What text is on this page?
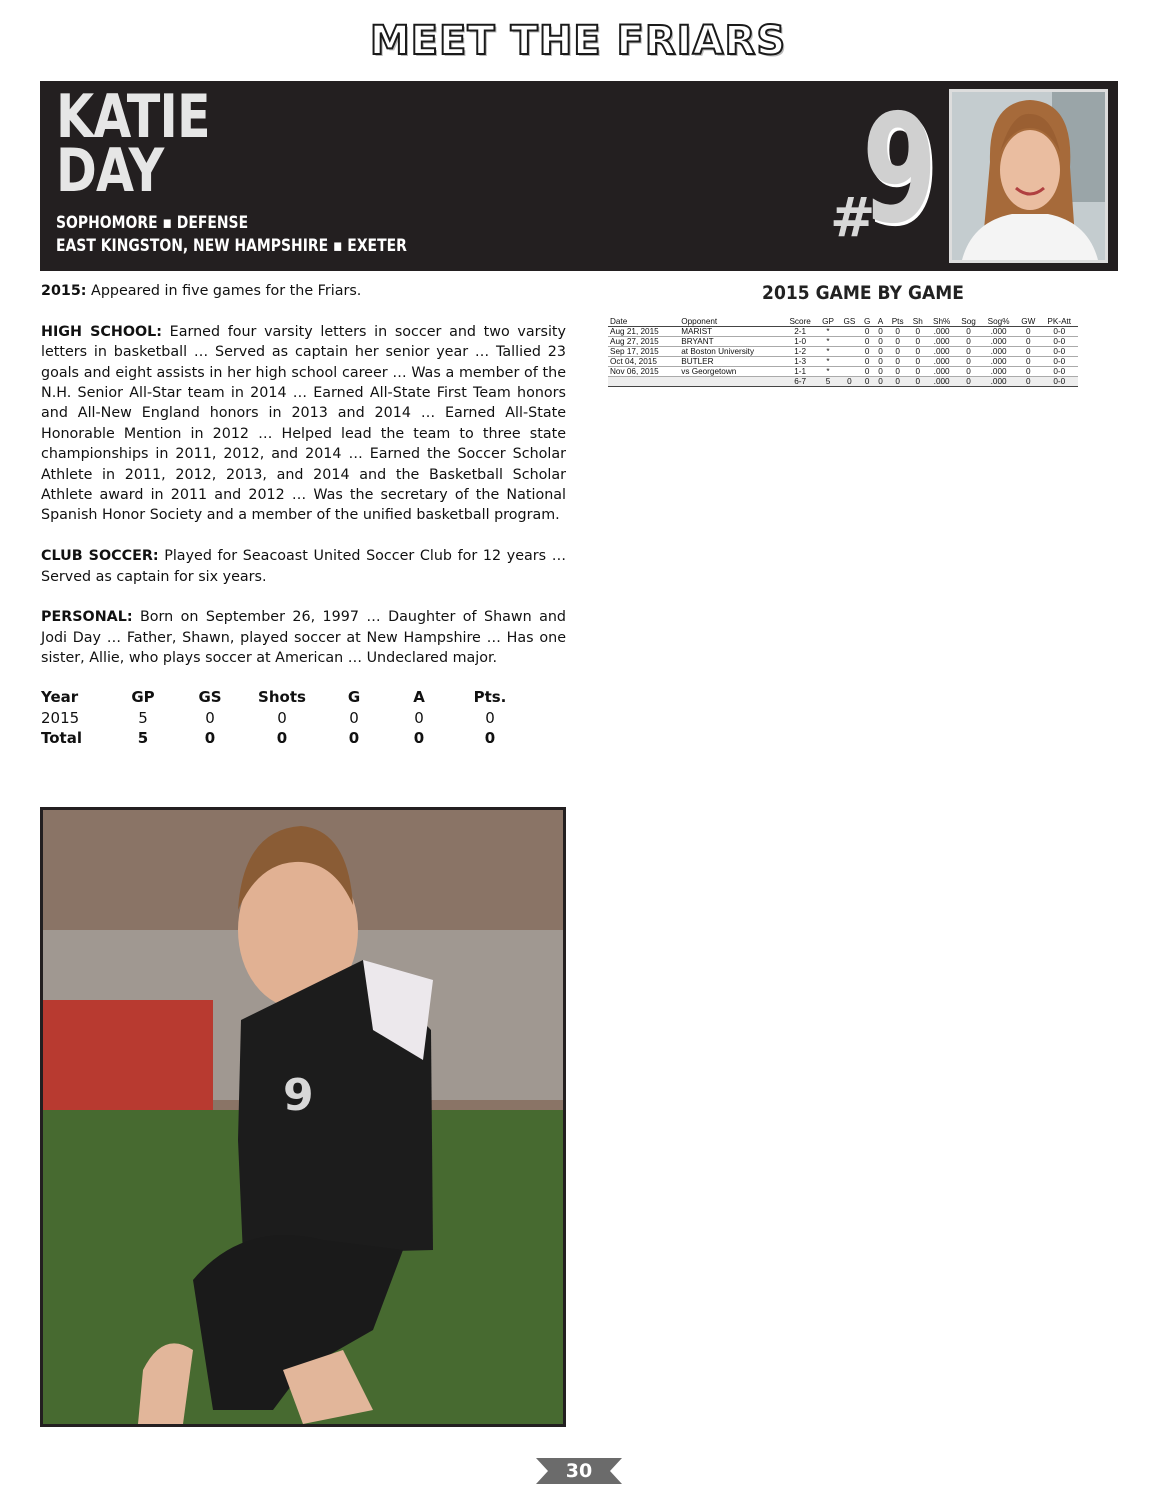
MEET THE FRIARS
KATIE
DAY
SOPHOMORE ▪ DEFENSE
EAST KINGSTON, NEW HAMPSHIRE ▪ EXETER	#
9

2015: Appeared in five games for the Friars.

HIGH SCHOOL: Earned four varsity letters in soccer and two varsity letters in basketball … Served as captain her senior year … Tallied 23 goals and eight assists in her high school career … Was a member of the N.H. Senior All-Star team in 2014 … Earned All-State First Team honors and All-New England honors in 2013 and 2014 … Earned All-State Honorable Mention in 2012 … Helped lead the team to three state championships in 2011, 2012, and 2014 … Earned the Soccer Scholar Athlete in 2011, 2012, 2013, and 2014 and the Basketball Scholar Athlete award in 2011 and 2012 … Was the secretary of the National Spanish Honor Society and a member of the unified basketball program.

CLUB SOCCER: Played for Seacoast United Soccer Club for 12 years … Served as captain for six years.

PERSONAL: Born on September 26, 1997 … Daughter of Shawn and Jodi Day … Father, Shawn, played soccer at New Hampshire … Has one sister, Allie, who plays soccer at American … Undeclared major.

Year	GP	GS	Shots	G	A	Pts.
2015	5	0	0	0	0	0
Total	5	0	0	0	0	0
2015 GAME BY GAME
Date	Opponent	Score	GP	GS	G	A	Pts	Sh	Sh%	Sog	Sog%	GW	PK-Att
Aug 21, 2015	MARIST	2-1	*		0	0	0	0	.000	0	.000	0	0-0
Aug 27, 2015	BRYANT	1-0	*		0	0	0	0	.000	0	.000	0	0-0
Sep 17, 2015	at Boston University	1-2	*		0	0	0	0	.000	0	.000	0	0-0
Oct 04, 2015	BUTLER	1-3	*		0	0	0	0	.000	0	.000	0	0-0
Nov 06, 2015	vs Georgetown	1-1	*		0	0	0	0	.000	0	.000	0	0-0
		6-7	5	0	0	0	0	0	.000	0	.000	0	0-0
9
30
